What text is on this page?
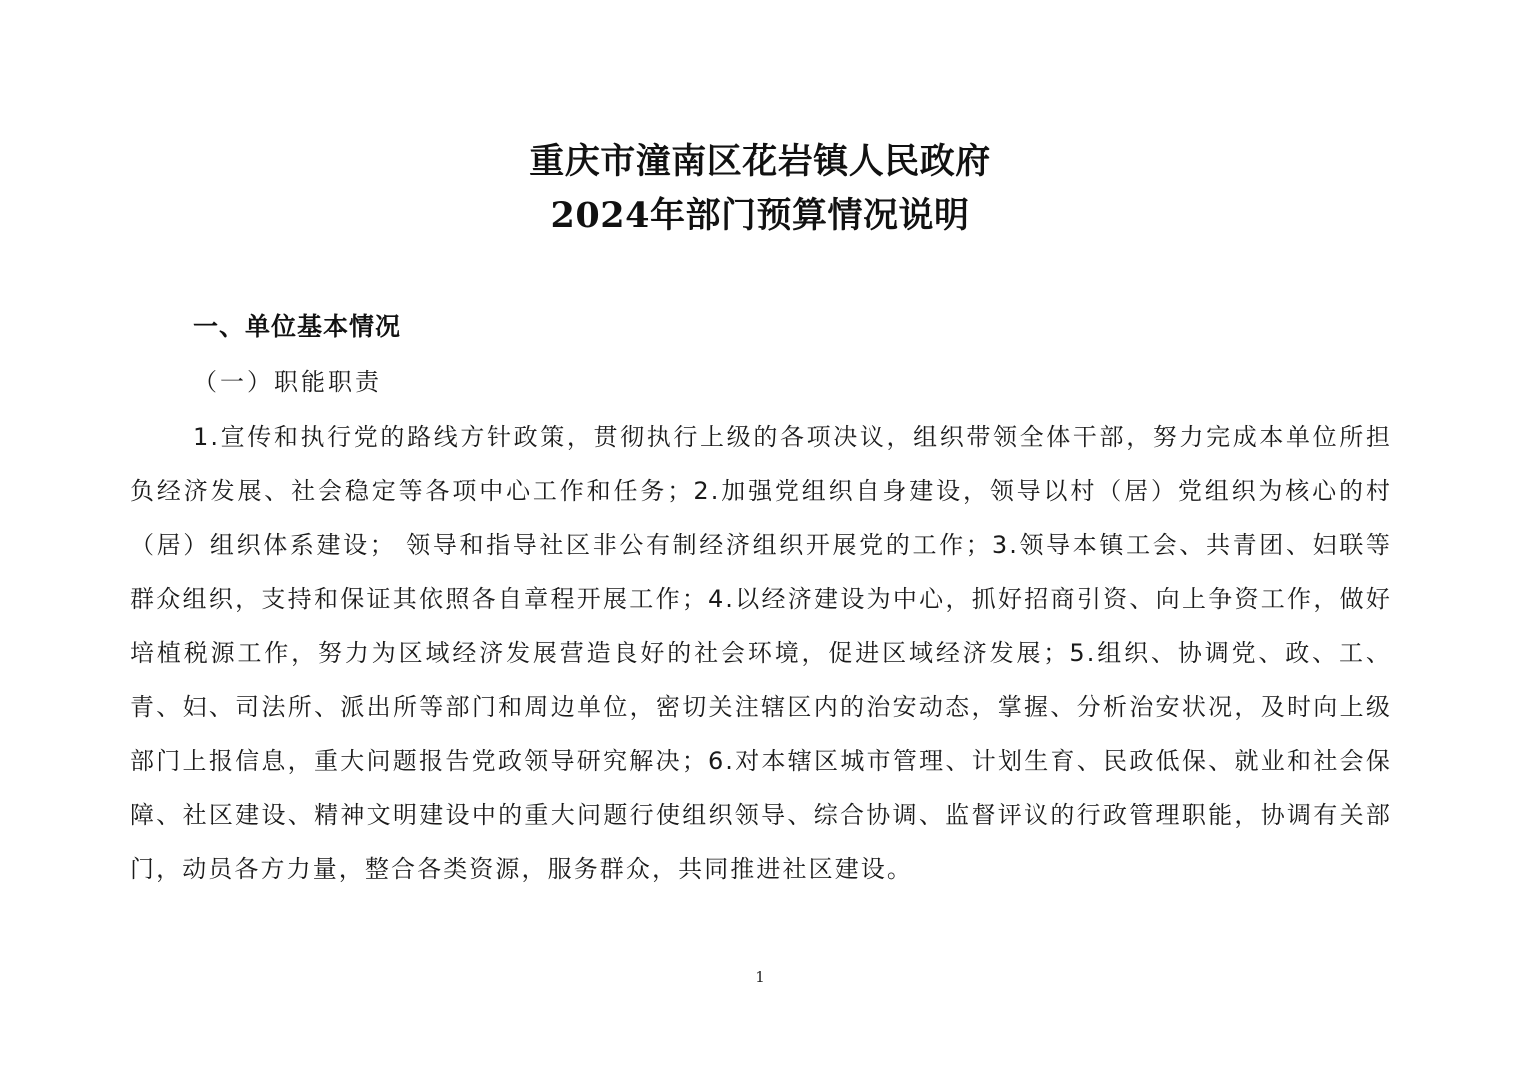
重庆市潼南区花岩镇人民政府
2024年部门预算情况说明
一、单位基本情况
（一）职能职责

1.宣传和执行党的路线方针政策，贯彻执行上级的各项决议，组织带领全体干部，努力完成本单位所担负经济发展、社会稳定等各项中心工作和任务；2.加强党组织自身建设，领导以村（居）党组织为核心的村（居）组织体系建设； 领导和指导社区非公有制经济组织开展党的工作；3.领导本镇工会、共青团、妇联等群众组织，支持和保证其依照各自章程开展工作；4.以经济建设为中心，抓好招商引资、向上争资工作，做好培植税源工作，努力为区域经济发展营造良好的社会环境，促进区域经济发展；5.组织、协调党、政、工、青、妇、司法所、派出所等部门和周边单位，密切关注辖区内的治安动态，掌握、分析治安状况，及时向上级部门上报信息，重大问题报告党政领导研究解决；6.对本辖区城市管理、计划生育、民政低保、就业和社会保障、社区建设、精神文明建设中的重大问题行使组织领导、综合协调、监督评议的行政管理职能，协调有关部门，动员各方力量，整合各类资源，服务群众，共同推进社区建设。

1
